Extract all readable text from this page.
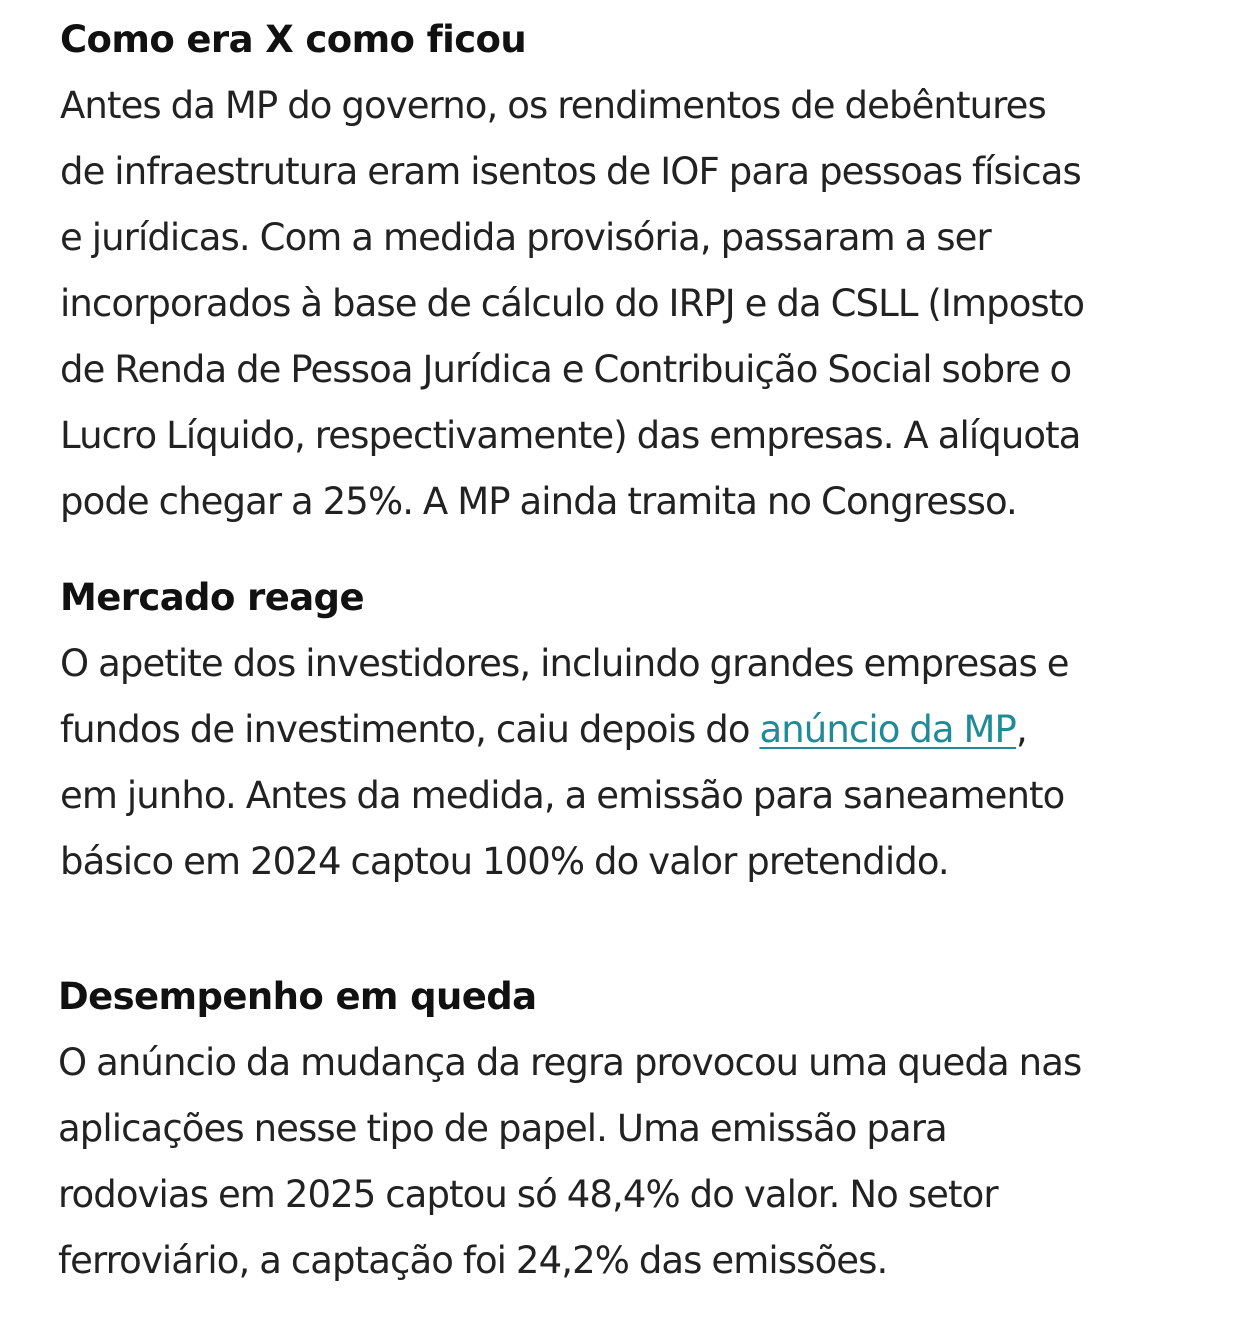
Como era X como ficou

Antes da MP do governo, os rendimentos de debêntures
de infraestrutura eram isentos de IOF para pessoas físicas
e jurídicas. Com a medida provisória, passaram a ser
incorporados à base de cálculo do IRPJ e da CSLL (Imposto
de Renda de Pessoa Jurídica e Contribuição Social sobre o
Lucro Líquido, respectivamente) das empresas. A alíquota
pode chegar a 25%. A MP ainda tramita no Congresso.

Mercado reage

O apetite dos investidores, incluindo grandes empresas e
fundos de investimento, caiu depois do anúncio da MP,
em junho. Antes da medida, a emissão para saneamento
básico em 2024 captou 100% do valor pretendido.

Desempenho em queda

O anúncio da mudança da regra provocou uma queda nas
aplicações nesse tipo de papel. Uma emissão para
rodovias em 2025 captou só 48,4% do valor. No setor
ferroviário, a captação foi 24,2% das emissões.
